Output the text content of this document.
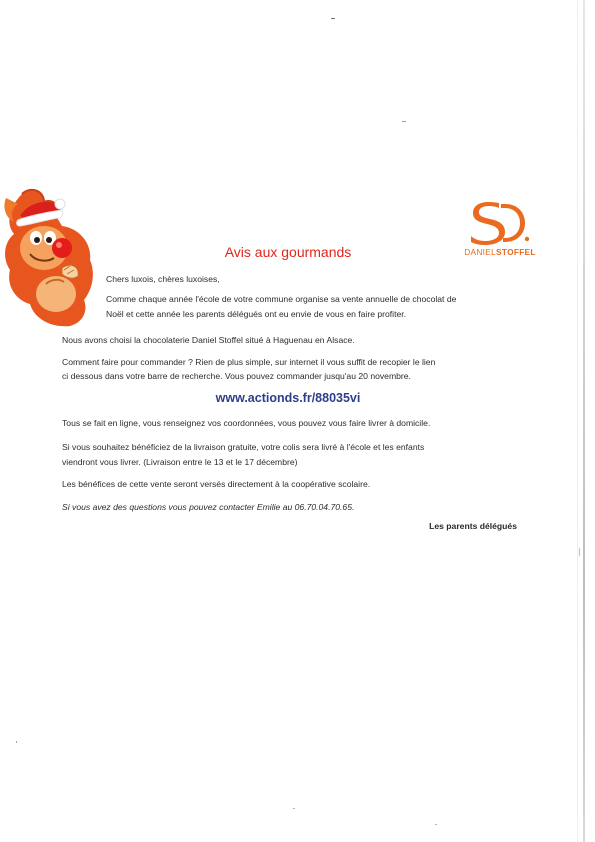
DANIELSTOFFEL
Avis aux gourmands
Chers luxois, chères luxoises,
Comme chaque année l'école de votre commune organise sa vente annuelle de chocolat de
Noël et cette année les parents délégués ont eu envie de vous en faire profiter.
Nous avons choisi la chocolaterie Daniel Stoffel situé à Haguenau en Alsace.
Comment faire pour commander ? Rien de plus simple, sur internet il vous suffit de recopier le lien
ci dessous dans votre barre de recherche. Vous pouvez commander jusqu'au 20 novembre.
www.actionds.fr/88035vi
Tous se fait en ligne, vous renseignez vos coordonnées, vous pouvez vous faire livrer à domicile.
Si vous souhaitez bénéficiez de la livraison gratuite, votre colis sera livré à l'école et les enfants
viendront vous livrer. (Livraison entre le 13 et le 17 décembre)
Les bénéfices de cette vente seront versés directement à la coopérative scolaire.
Si vous avez des questions vous pouvez contacter Emilie au 06.70.04.70.65.
Les parents délégués
